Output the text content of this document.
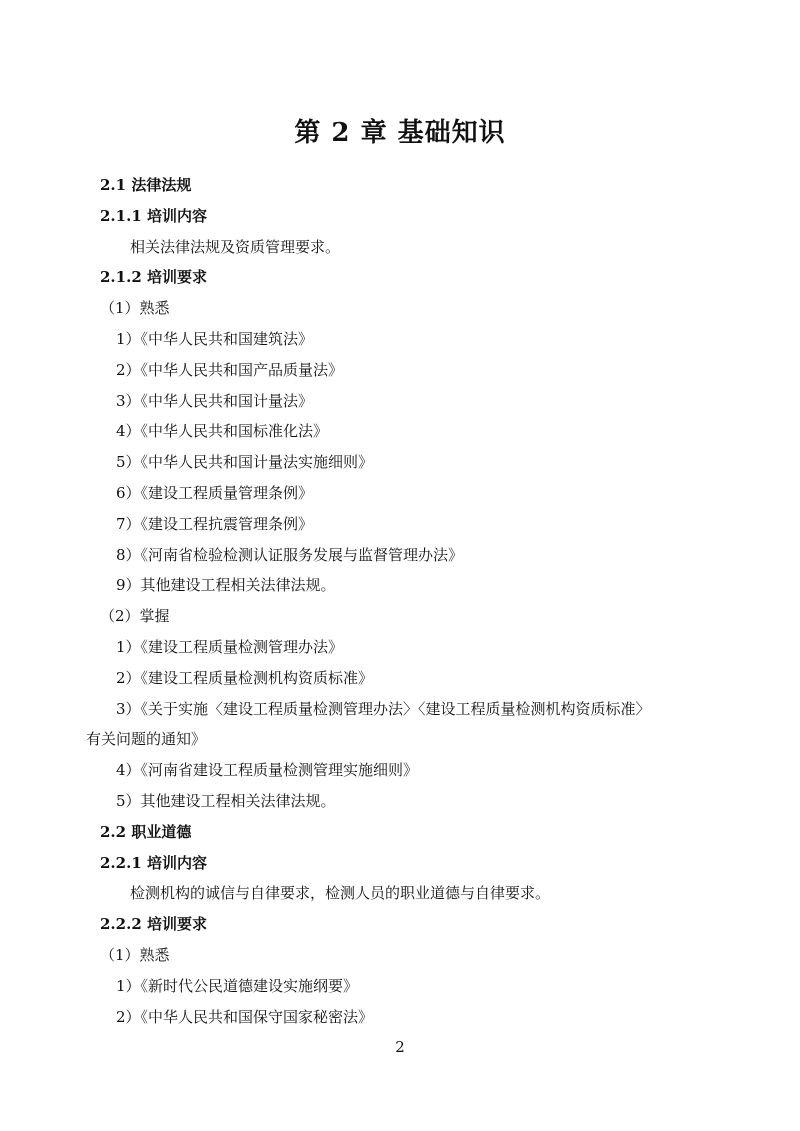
第 2 章 基础知识
2.1 法律法规
2.1.1 培训内容
相关法律法规及资质管理要求。
2.1.2 培训要求
（1）熟悉
1）《中华人民共和国建筑法》
2）《中华人民共和国产品质量法》
3）《中华人民共和国计量法》
4）《中华人民共和国标准化法》
5）《中华人民共和国计量法实施细则》
6）《建设工程质量管理条例》
7）《建设工程抗震管理条例》
8）《河南省检验检测认证服务发展与监督管理办法》
9）其他建设工程相关法律法规。
（2）掌握
1）《建设工程质量检测管理办法》
2）《建设工程质量检测机构资质标准》
3）《关于实施〈建设工程质量检测管理办法〉〈建设工程质量检测机构资质标准〉
有关问题的通知》
4）《河南省建设工程质量检测管理实施细则》
5）其他建设工程相关法律法规。
2.2 职业道德
2.2.1 培训内容
检测机构的诚信与自律要求，检测人员的职业道德与自律要求。
2.2.2 培训要求
（1）熟悉
1）《新时代公民道德建设实施纲要》
2）《中华人民共和国保守国家秘密法》
2
